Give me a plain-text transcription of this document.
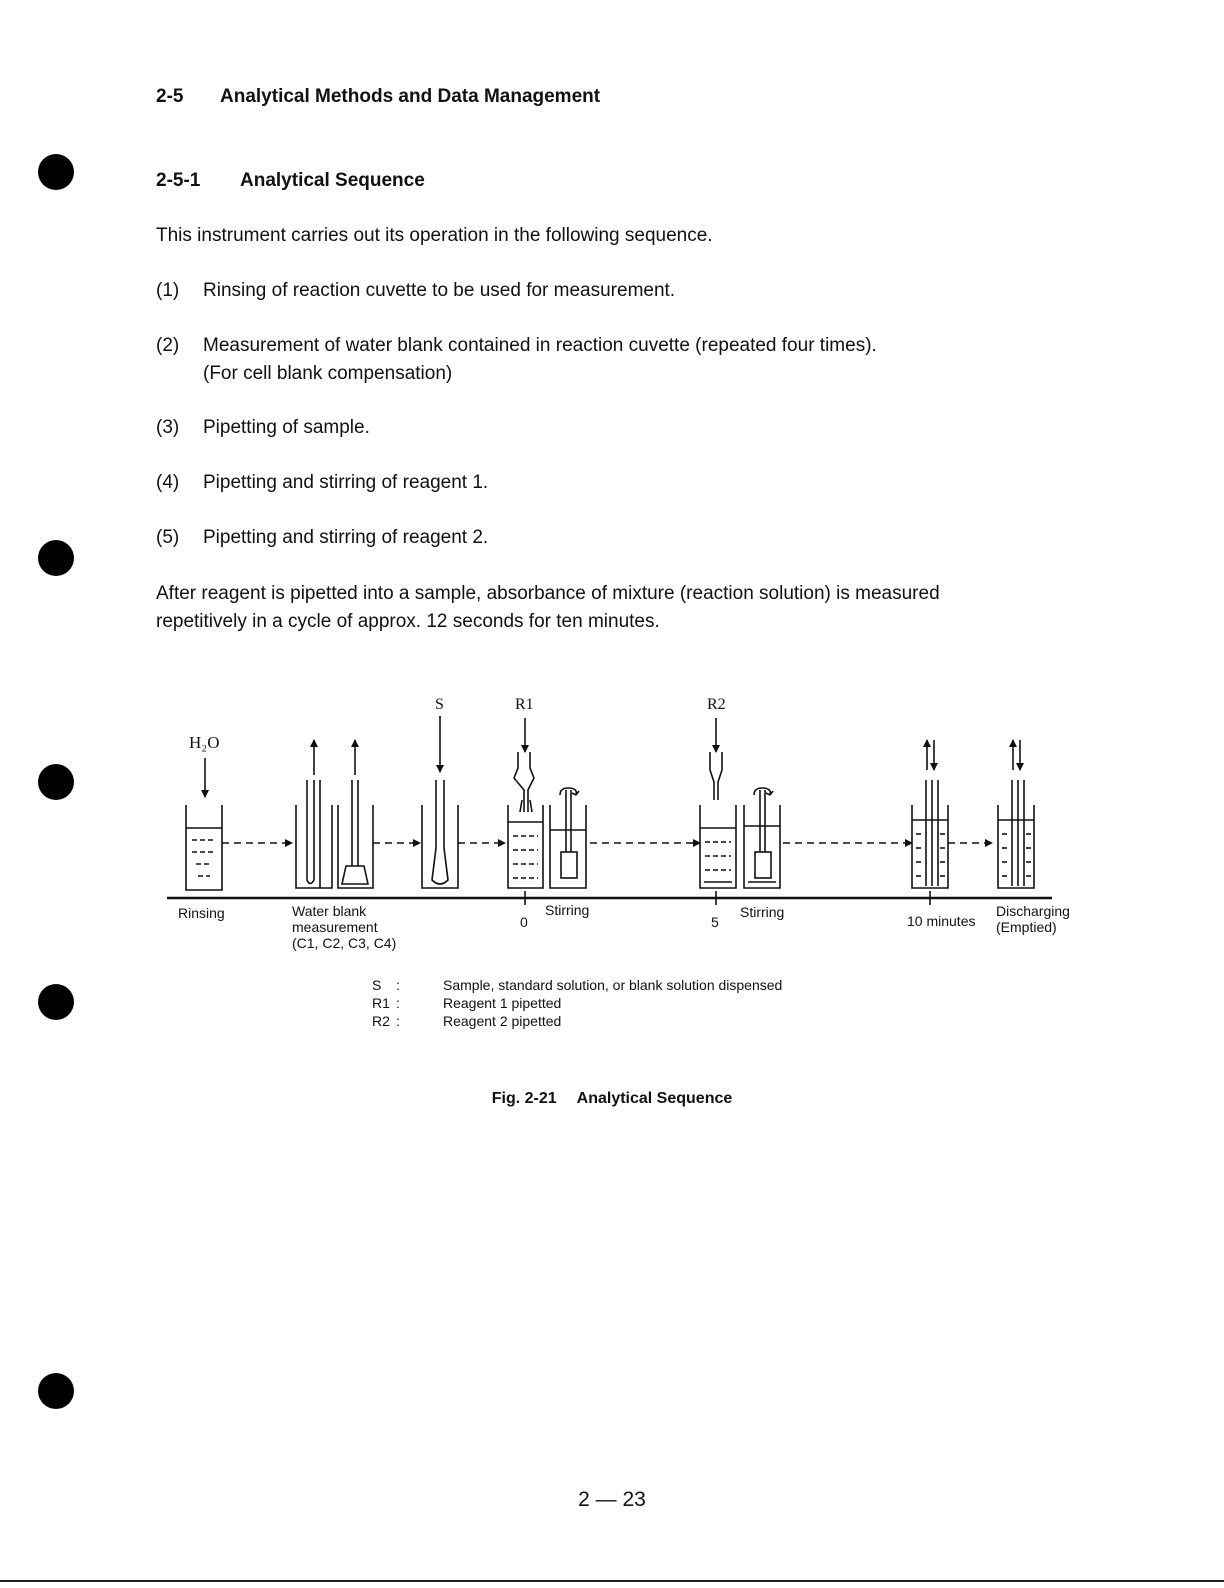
2-5 Analytical Methods and Data Management
2-5-1 Analytical Sequence
This instrument carries out its operation in the following sequence.
(1)	Rinsing of reaction cuvette to be used for measurement.
(2)	Measurement of water blank contained in reaction cuvette (repeated four times).
(For cell blank compensation)
(3)	Pipetting of sample.
(4)	Pipetting and stirring of reagent 1.
(5)	Pipetting and stirring of reagent 2.
After reagent is pipetted into a sample, absorbance of mixture (reaction solution) is measured
repetitively in a cycle of approx. 12 seconds for ten minutes.
H₂O
S	R1	R2
Rinsing	Water blank
measurement
(C1, C2, C3, C4)
0
Stirring
5
Stirring
10 minutes
Discharging
(Emptied)
S :	Sample, standard solution, or blank solution dispensed
R1 :	Reagent 1 pipetted
R2 :	Reagent 2 pipetted
Fig. 2-21 Analytical Sequence
2 — 23
